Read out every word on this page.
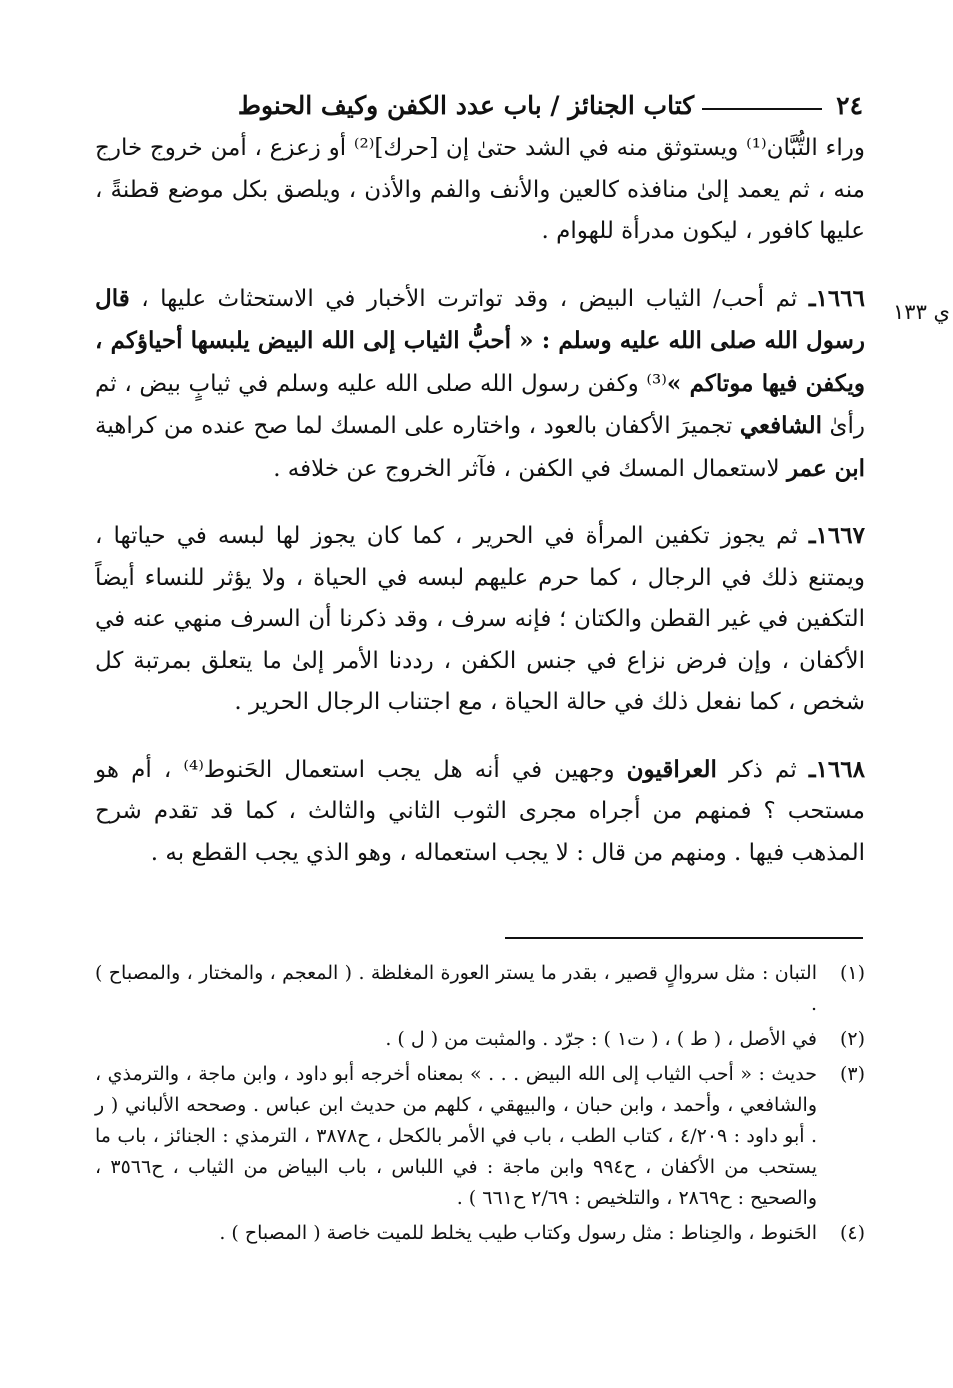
٢٤
كتاب الجنائز / باب عدد الكفن وكيف الحنوط
ي ١٣٣

وراء التُّبَّان⁽¹⁾ ويستوثق منه في الشد حتىٰ إن [حرك]⁽²⁾ أو زعزع ، أمن خروج خارج منه ، ثم يعمد إلىٰ منافذه كالعين والأنف والفم والأذن ، ويلصق بكل موضع قطنةً ، عليها كافور ، ليكون مدرأة للهوام .

١٦٦٦ـ ثم أحب/ الثياب البيض ، وقد تواترت الأخبار في الاستحثاث عليها ، قال رسول الله صلى الله عليه وسلم : « أحبُّ الثياب إلى الله البيض يلبسها أحياؤكم ، ويكفن فيها موتاكم »⁽³⁾ وكفن رسول الله صلى الله عليه وسلم في ثيابٍ بيض ، ثم رأىٰ الشافعي تجميرَ الأكفان بالعود ، واختاره على المسك لما صح عنده من كراهية ابن عمر لاستعمال المسك في الكفن ، فآثر الخروج عن خلافه .

١٦٦٧ـ ثم يجوز تكفين المرأة في الحرير ، كما كان يجوز لها لبسه في حياتها ، ويمتنع ذلك في الرجال ، كما حرم عليهم لبسه في الحياة ، ولا يؤثر للنساء أيضاً التكفين في غير القطن والكتان ؛ فإنه سرف ، وقد ذكرنا أن السرف منهي عنه في الأكفان ، وإن فرض نزاع في جنس الكفن ، رددنا الأمر إلىٰ ما يتعلق بمرتبة كل شخص ، كما نفعل ذلك في حالة الحياة ، مع اجتناب الرجال الحرير .

١٦٦٨ـ ثم ذكر العراقيون وجهين في أنه هل يجب استعمال الحَنوط⁽⁴⁾ ، أم هو مستحب ؟ فمنهم من أجراه مجرى الثوب الثاني والثالث ، كما قد تقدم شرح المذهب فيها . ومنهم من قال : لا يجب استعماله ، وهو الذي يجب القطع به .

(١)
التبان : مثل سروالٍ قصير ، بقدر ما يستر العورة المغلظة . ( المعجم ، والمختار ، والمصباح ) .
(٢)
في الأصل ، ( ط ) ، ( ت١ ) : جرّد . والمثبت من ( ل ) .
(٣)
حديث : « أحب الثياب إلى الله البيض . . . » بمعناه أخرجه أبو داود ، وابن ماجة ، والترمذي ، والشافعي ، وأحمد ، وابن حبان ، والبيهقي ، كلهم من حديث ابن عباس . وصححه الألباني ( ر . أبو داود : ٤/٢٠٩ ، كتاب الطب ، باب في الأمر بالكحل ، ح٣٨٧٨ ، الترمذي : الجنائز ، باب ما يستحب من الأكفان ، ح٩٩٤ وابن ماجة : في اللباس ، باب البياض من الثياب ، ح٣٥٦٦ ، والصحيح : ح٢٨٦٩ ، والتلخيص : ٢/٦٩ ح٦٦١ ) .
(٤)
الحَنوط ، والحِناط : مثل رسول وكتاب طيب يخلط للميت خاصة ( المصباح ) .
